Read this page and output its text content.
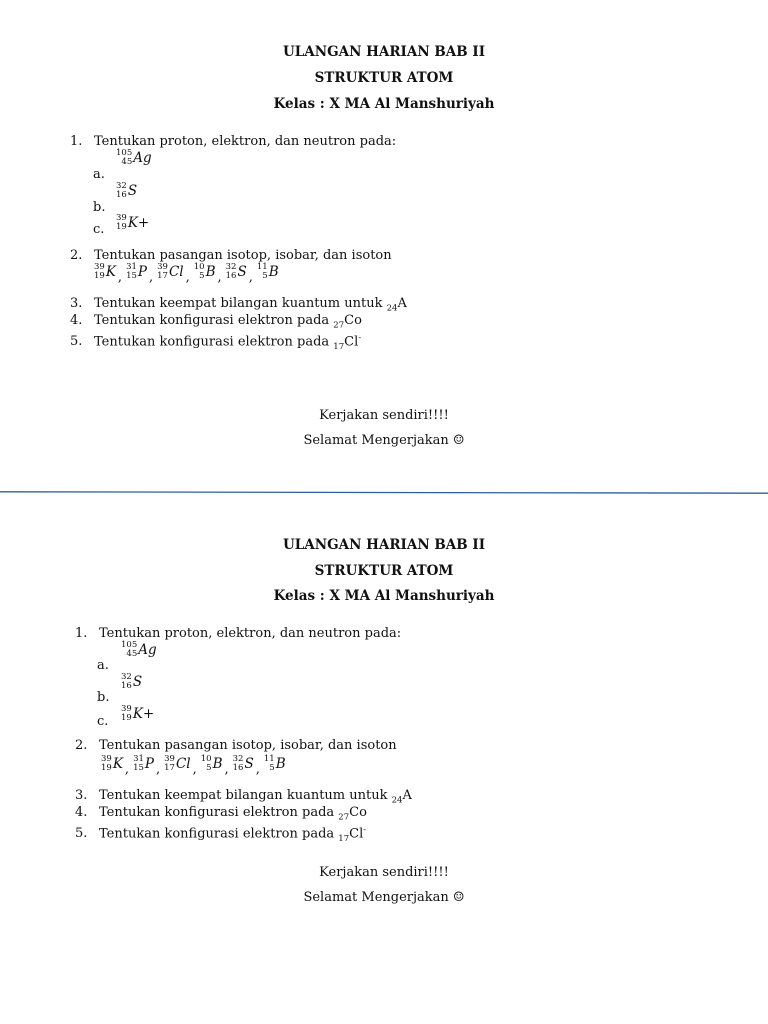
ULANGAN HARIAN BAB II
STRUKTUR ATOM
Kelas : X MA Al Manshuriyah
1. Tentukan proton, elektron, dan neutron pada:
a.
105
45 Ag
b.
32
16 S
c.
39
19 K+
2. Tentukan pasangan isotop, isobar, dan isoton
39
19 K ,
31
15 P ,
39
17 Cl ,
10
5 B ,
32
16 S ,
11
5 B
3. Tentukan keempat bilangan kuantum untuk $_{24}$A
4. Tentukan konfigurasi elektron pada $_{27}$Co
5. Tentukan konfigurasi elektron pada $_{17}$Cl-
Kerjakan sendiri!!!!
Selamat Mengerjakan ☺
ULANGAN HARIAN BAB II
STRUKTUR ATOM
Kelas : X MA Al Manshuriyah
1. Tentukan proton, elektron, dan neutron pada:
a.
105
45 Ag
b.
32
16 S
c.
39
19 K+
2. Tentukan pasangan isotop, isobar, dan isoton
39
19 K ,
31
15 P ,
39
17 Cl ,
10
5 B ,
32
16 S ,
11
5 B
3. Tentukan keempat bilangan kuantum untuk $_{24}$A
4. Tentukan konfigurasi elektron pada $_{27}$Co
5. Tentukan konfigurasi elektron pada $_{17}$Cl-
Kerjakan sendiri!!!!
Selamat Mengerjakan ☺
